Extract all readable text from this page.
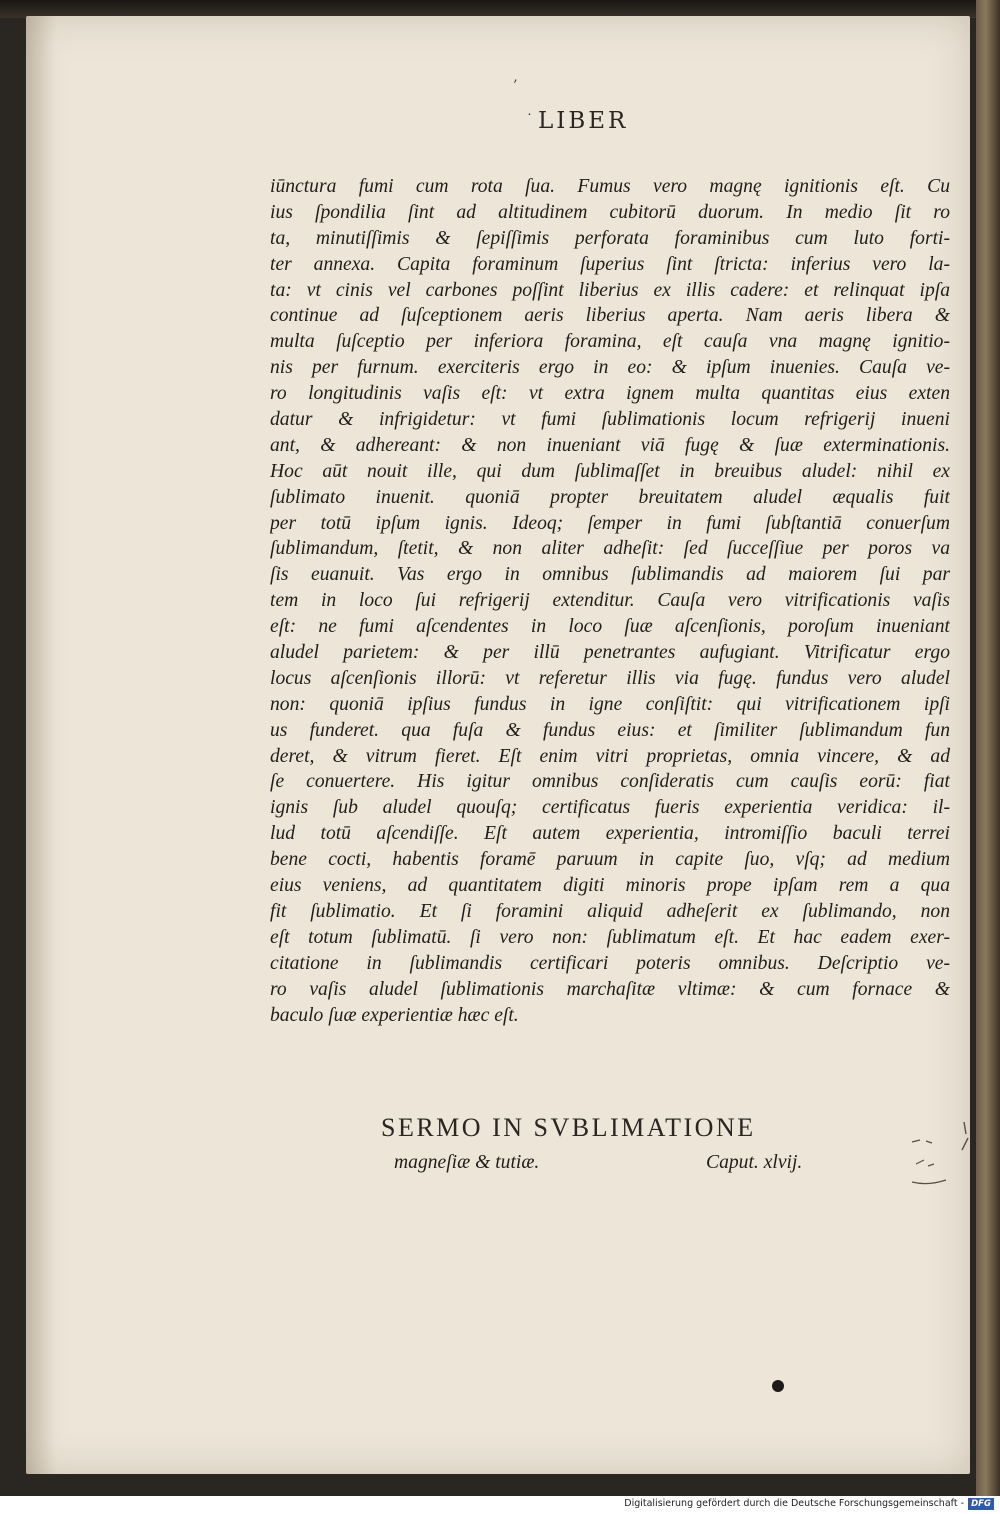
’
˙ LIBER
iūnctura fumi cum rota ſua. Fumus vero magnę ignitionis eſt. Cu
ius ſpondilia ſint ad altitudinem cubitorū duorum. In medio ſit ro
ta, minutiſſimis & ſepiſſimis perforata foraminibus cum luto forti-
ter annexa. Capita foraminum ſuperius ſint ſtricta: inferius vero la-
ta: vt cinis vel carbones poſſint liberius ex illis cadere: et relinquat ipſa
continue ad ſuſceptionem aeris liberius aperta. Nam aeris libera &
multa ſuſceptio per inferiora foramina, eſt cauſa vna magnę ignitio-
nis per furnum. exerciteris ergo in eo: & ipſum inuenies. Cauſa ve-
ro longitudinis vaſis eſt: vt extra ignem multa quantitas eius exten
datur & infrigidetur: vt fumi ſublimationis locum refrigerij inueni
ant, & adhereant: & non inueniant viā fugę & ſuæ exterminationis.
Hoc aūt nouit ille, qui dum ſublimaſſet in breuibus aludel: nihil ex
ſublimato inuenit. quoniā propter breuitatem aludel æqualis fuit
per totū ipſum ignis. Ideoq; ſemper in fumi ſubſtantiā conuerſum
ſublimandum, ſtetit, & non aliter adheſit: ſed ſucceſſiue per poros va
ſis euanuit. Vas ergo in omnibus ſublimandis ad maiorem ſui par
tem in loco ſui refrigerij extenditur. Cauſa vero vitrificationis vaſis
eſt: ne fumi aſcendentes in loco ſuæ aſcenſionis, poroſum inueniant
aludel parietem: & per illū penetrantes aufugiant. Vitrificatur ergo
locus aſcenſionis illorū: vt referetur illis via fugę. fundus vero aludel
non: quoniā ipſius fundus in igne conſiſtit: qui vitrificationem ipſi
us funderet. qua fuſa & fundus eius: et ſimiliter ſublimandum fun
deret, & vitrum fieret. Eſt enim vitri proprietas, omnia vincere, & ad
ſe conuertere. His igitur omnibus conſideratis cum cauſis eorū: fiat
ignis ſub aludel quouſq; certificatus fueris experientia veridica: il-
lud totū aſcendiſſe. Eſt autem experientia, intromiſſio baculi terrei
bene cocti, habentis foramē paruum in capite ſuo, vſq; ad medium
eius veniens, ad quantitatem digiti minoris prope ipſam rem a qua
fit ſublimatio. Et ſi foramini aliquid adheſerit ex ſublimando, non
eſt totum ſublimatū. ſi vero non: ſublimatum eſt. Et hac eadem exer-
citatione in ſublimandis certificari poteris omnibus. Deſcriptio ve-
ro vaſis aludel ſublimationis marchaſitæ vltimæ: & cum fornace &
baculo ſuæ experientiæ hæc eſt.
SERMO IN SVBLIMATIONE
magneſiæ & tutiæ.	Caput. xlvij.
Digitalisierung gefördert durch die Deutsche Forschungsgemeinschaft - DFG
